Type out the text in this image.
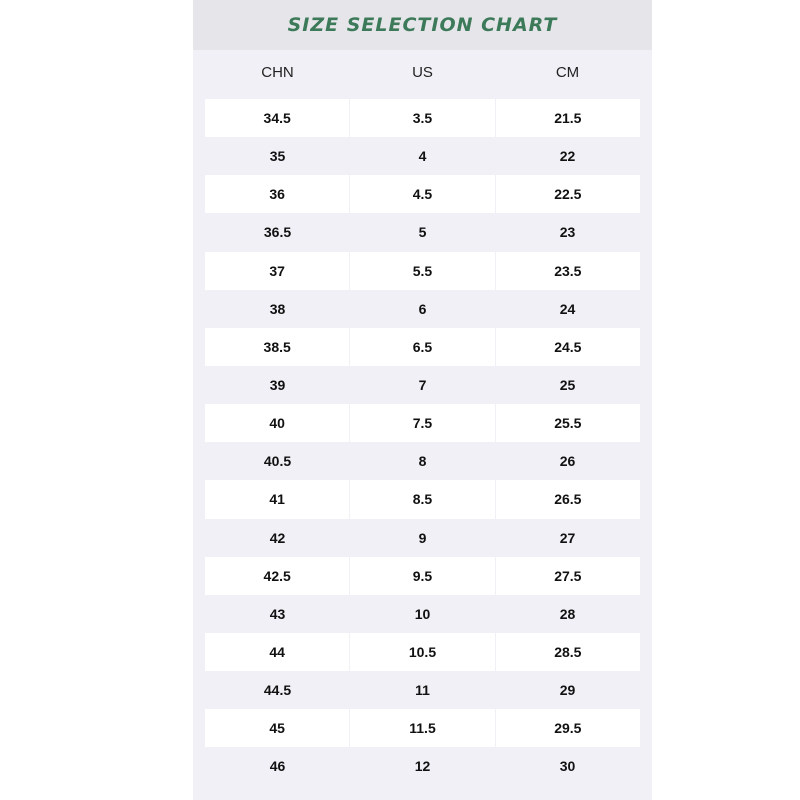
SIZE SELECTION CHART
CHN	US	CM
34.5	3.5	21.5
35	4	22
36	4.5	22.5
36.5	5	23
37	5.5	23.5
38	6	24
38.5	6.5	24.5
39	7	25
40	7.5	25.5
40.5	8	26
41	8.5	26.5
42	9	27
42.5	9.5	27.5
43	10	28
44	10.5	28.5
44.5	11	29
45	11.5	29.5
46	12	30
